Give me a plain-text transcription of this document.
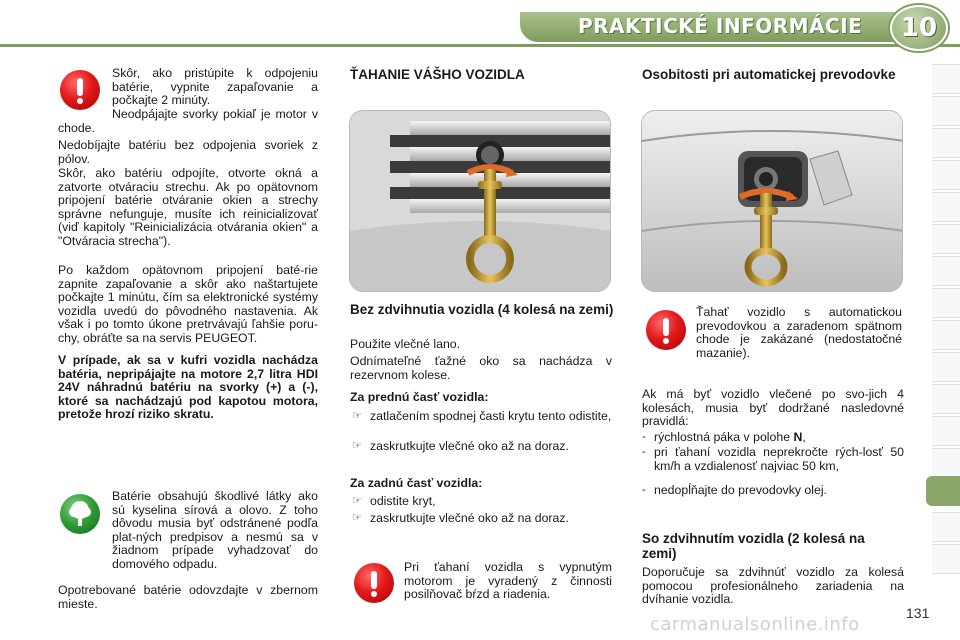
PRAKTICKÉ INFORMÁCIE	10
Skôr, ako pristúpite k odpojeniu batérie, vypnite zapaľovanie a počkajte 2 minúty.
Neodpájajte svorky pokiaľ je motor v chode.
Nedobíjajte batériu bez odpojenia svoriek z pólov.
Skôr, ako batériu odpojíte, otvorte okná a zatvorte otváraciu strechu. Ak po opätovnom pripojení batérie otváranie okien a strechy správne nefunguje, musíte ich reinicializovať (viď kapitoly "Reinicializácia otvárania okien" a "Otváracia strecha").
Po každom opätovnom pripojení baté-rie zapnite zapaľovanie a skôr ako naštartujete počkajte 1 minútu, čím sa elektronické systémy vozidla uvedú do pôvodného nastavenia. Ak však i po tomto úkone pretrvávajú ľahšie poru-chy, obráťte sa na servis PEUGEOT.
V prípade, ak sa v kufri vozidla nachádza batéria, nepripájajte na motore 2,7 litra HDI 24V náhradnú batériu na svorky (+) a (-), ktoré sa nachádzajú pod kapotou motora, pretože hrozí riziko skratu.
Batérie obsahujú škodlivé látky ako sú kyselina sírová a olovo. Z toho dôvodu musia byť odstránené podľa plat-ných predpisov a nesmú sa v žiadnom prípade vyhadzovať do domového odpadu.
Opotrebované batérie odovzdajte v zbernom mieste.
ŤAHANIE VÁŠHO VOZIDLA
Bez zdvihnutia vozidla (4 kolesá na zemi)
Použite vlečné lano.
Odnímateľné ťažné oko sa nachádza v rezervnom kolese.
Za prednú časť vozidla:
☞ zatlačením spodnej časti krytu tento odistite,
☞ zaskrutkujte vlečné oko až na doraz.
Za zadnú časť vozidla:
☞ odistite kryt,
☞ zaskrutkujte vlečné oko až na doraz.
Pri ťahaní vozidla s vypnutým motorom je vyradený z činnosti posilňovač bŕzd a riadenia.
Osobitosti pri automatickej prevodovke
Ťahať vozidlo s automatickou prevodovkou a zaradenom spätnom chode je zakázané (nedostatočné mazanie).
Ak má byť vozidlo vlečené po svo-jich 4 kolesách, musia byť dodržané nasledovné pravidlá:
- rýchlostná páka v polohe N,
- pri ťahaní vozidla neprekročte rých-losť 50 km/h a vzdialenosť najviac 50 km,
- nedopĺňajte do prevodovky olej.
So zdvihnutím vozidla (2 kolesá na zemi)
Doporučuje sa zdvihnúť vozidlo za kolesá pomocou profesionálneho zariadenia na dvíhanie vozidla.
131
carmanualsonline.info
